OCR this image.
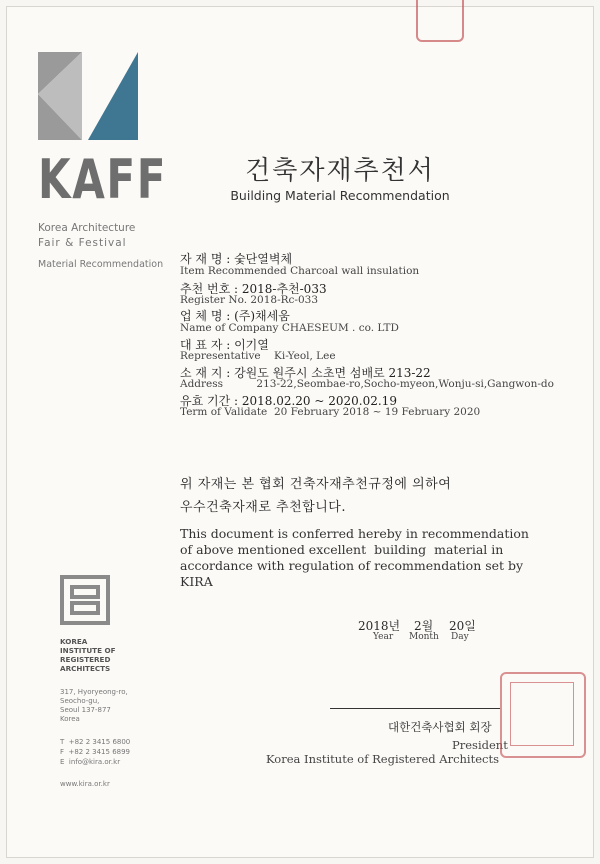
KAFF
Korea Architecture
Fair & Festival
Material Recommendation
건축자재추천서
Building Material Recommendation
자 재 명 : 숯단열벽체
Item Recommended Charcoal wall insulation
추천 번호 : 2018-추천-033
Register No. 2018-Rc-033
업 체 명 : (주)채세움
Name of Company CHAESEUM . co. LTD
대 표 자 : 이기열
Representative    Ki-Yeol, Lee
소 재 지 : 강원도 원주시 소초면 섬배로 213-22
Address          213-22,Seombae-ro,Socho-myeon,Wonju-si,Gangwon-do
유효 기간 : 2018.02.20 ~ 2020.02.19
Term of Validate  20 February 2018 ~ 19 February 2020
위 자재는 본 협회 건축자재추천규정에 의하여
우수건축자재로 추천합니다.
This document is conferred hereby in recommendation
of above mentioned excellent  building  material in
accordance with regulation of recommendation set by
KIRA
2018년 2월 20일
Year Month Day
대한건축사협회 회장
President
Korea Institute of Registered Architects
KOREA
INSTITUTE OF
REGISTERED
ARCHITECTS
317, Hyoryeong-ro,
Seocho-gu,
Seoul 137-877
Korea
T  +82 2 3415 6800
F  +82 2 3415 6899
E  info@kira.or.kr
www.kira.or.kr
